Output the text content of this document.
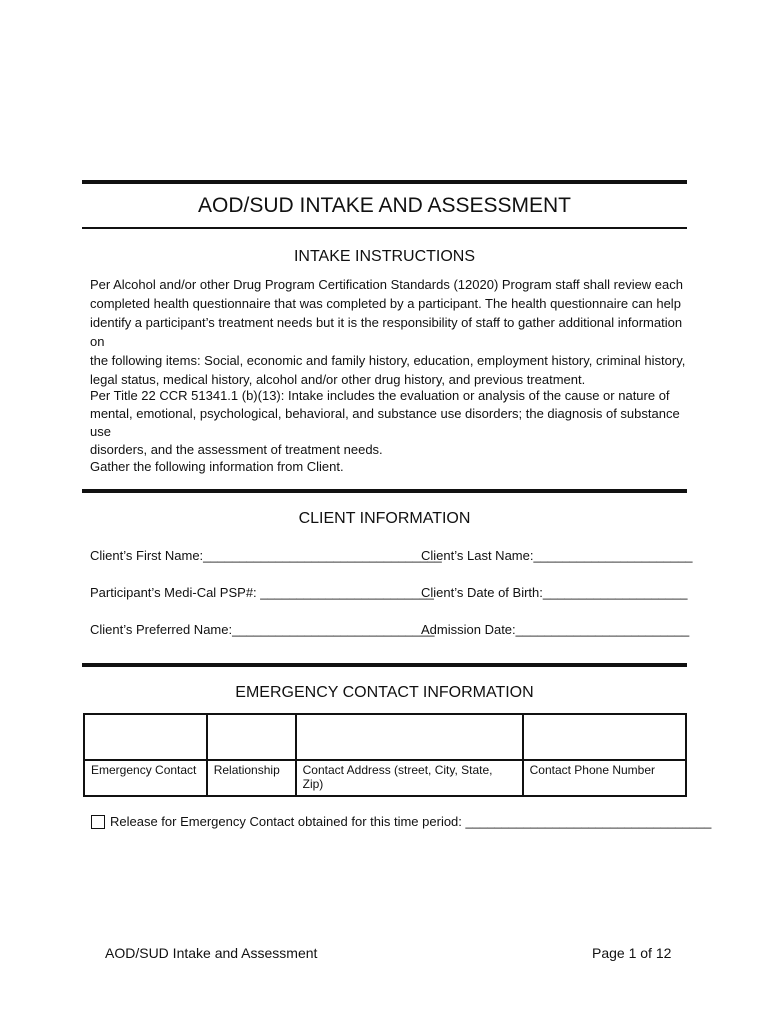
AOD/SUD INTAKE AND ASSESSMENT
INTAKE INSTRUCTIONS
Per Alcohol and/or other Drug Program Certification Standards (12020) Program staff shall review each
completed health questionnaire that was completed by a participant. The health questionnaire can help
identify a participant’s treatment needs but it is the responsibility of staff to gather additional information on
the following items: Social, economic and family history, education, employment history, criminal history,
legal status, medical history, alcohol and/or other drug history, and previous treatment.
Per Title 22 CCR 51341.1 (b)(13): Intake includes the evaluation or analysis of the cause or nature of
mental, emotional, psychological, behavioral, and substance use disorders; the diagnosis of substance use
disorders, and the assessment of treatment needs.
Gather the following information from Client.
CLIENT INFORMATION
Client’s First Name:_________________________________
Client’s Last Name:______________________
Participant’s Medi-Cal PSP#: ________________________
Client’s Date of Birth:____________________
Client’s Preferred Name:____________________________
Admission Date:________________________
EMERGENCY CONTACT INFORMATION

Emergency Contact	Relationship	Contact Address (street, City, State, Zip)	Contact Phone Number
Release for Emergency Contact obtained for this time period: __________________________________
AOD/SUD Intake and Assessment	Page 1 of 12
